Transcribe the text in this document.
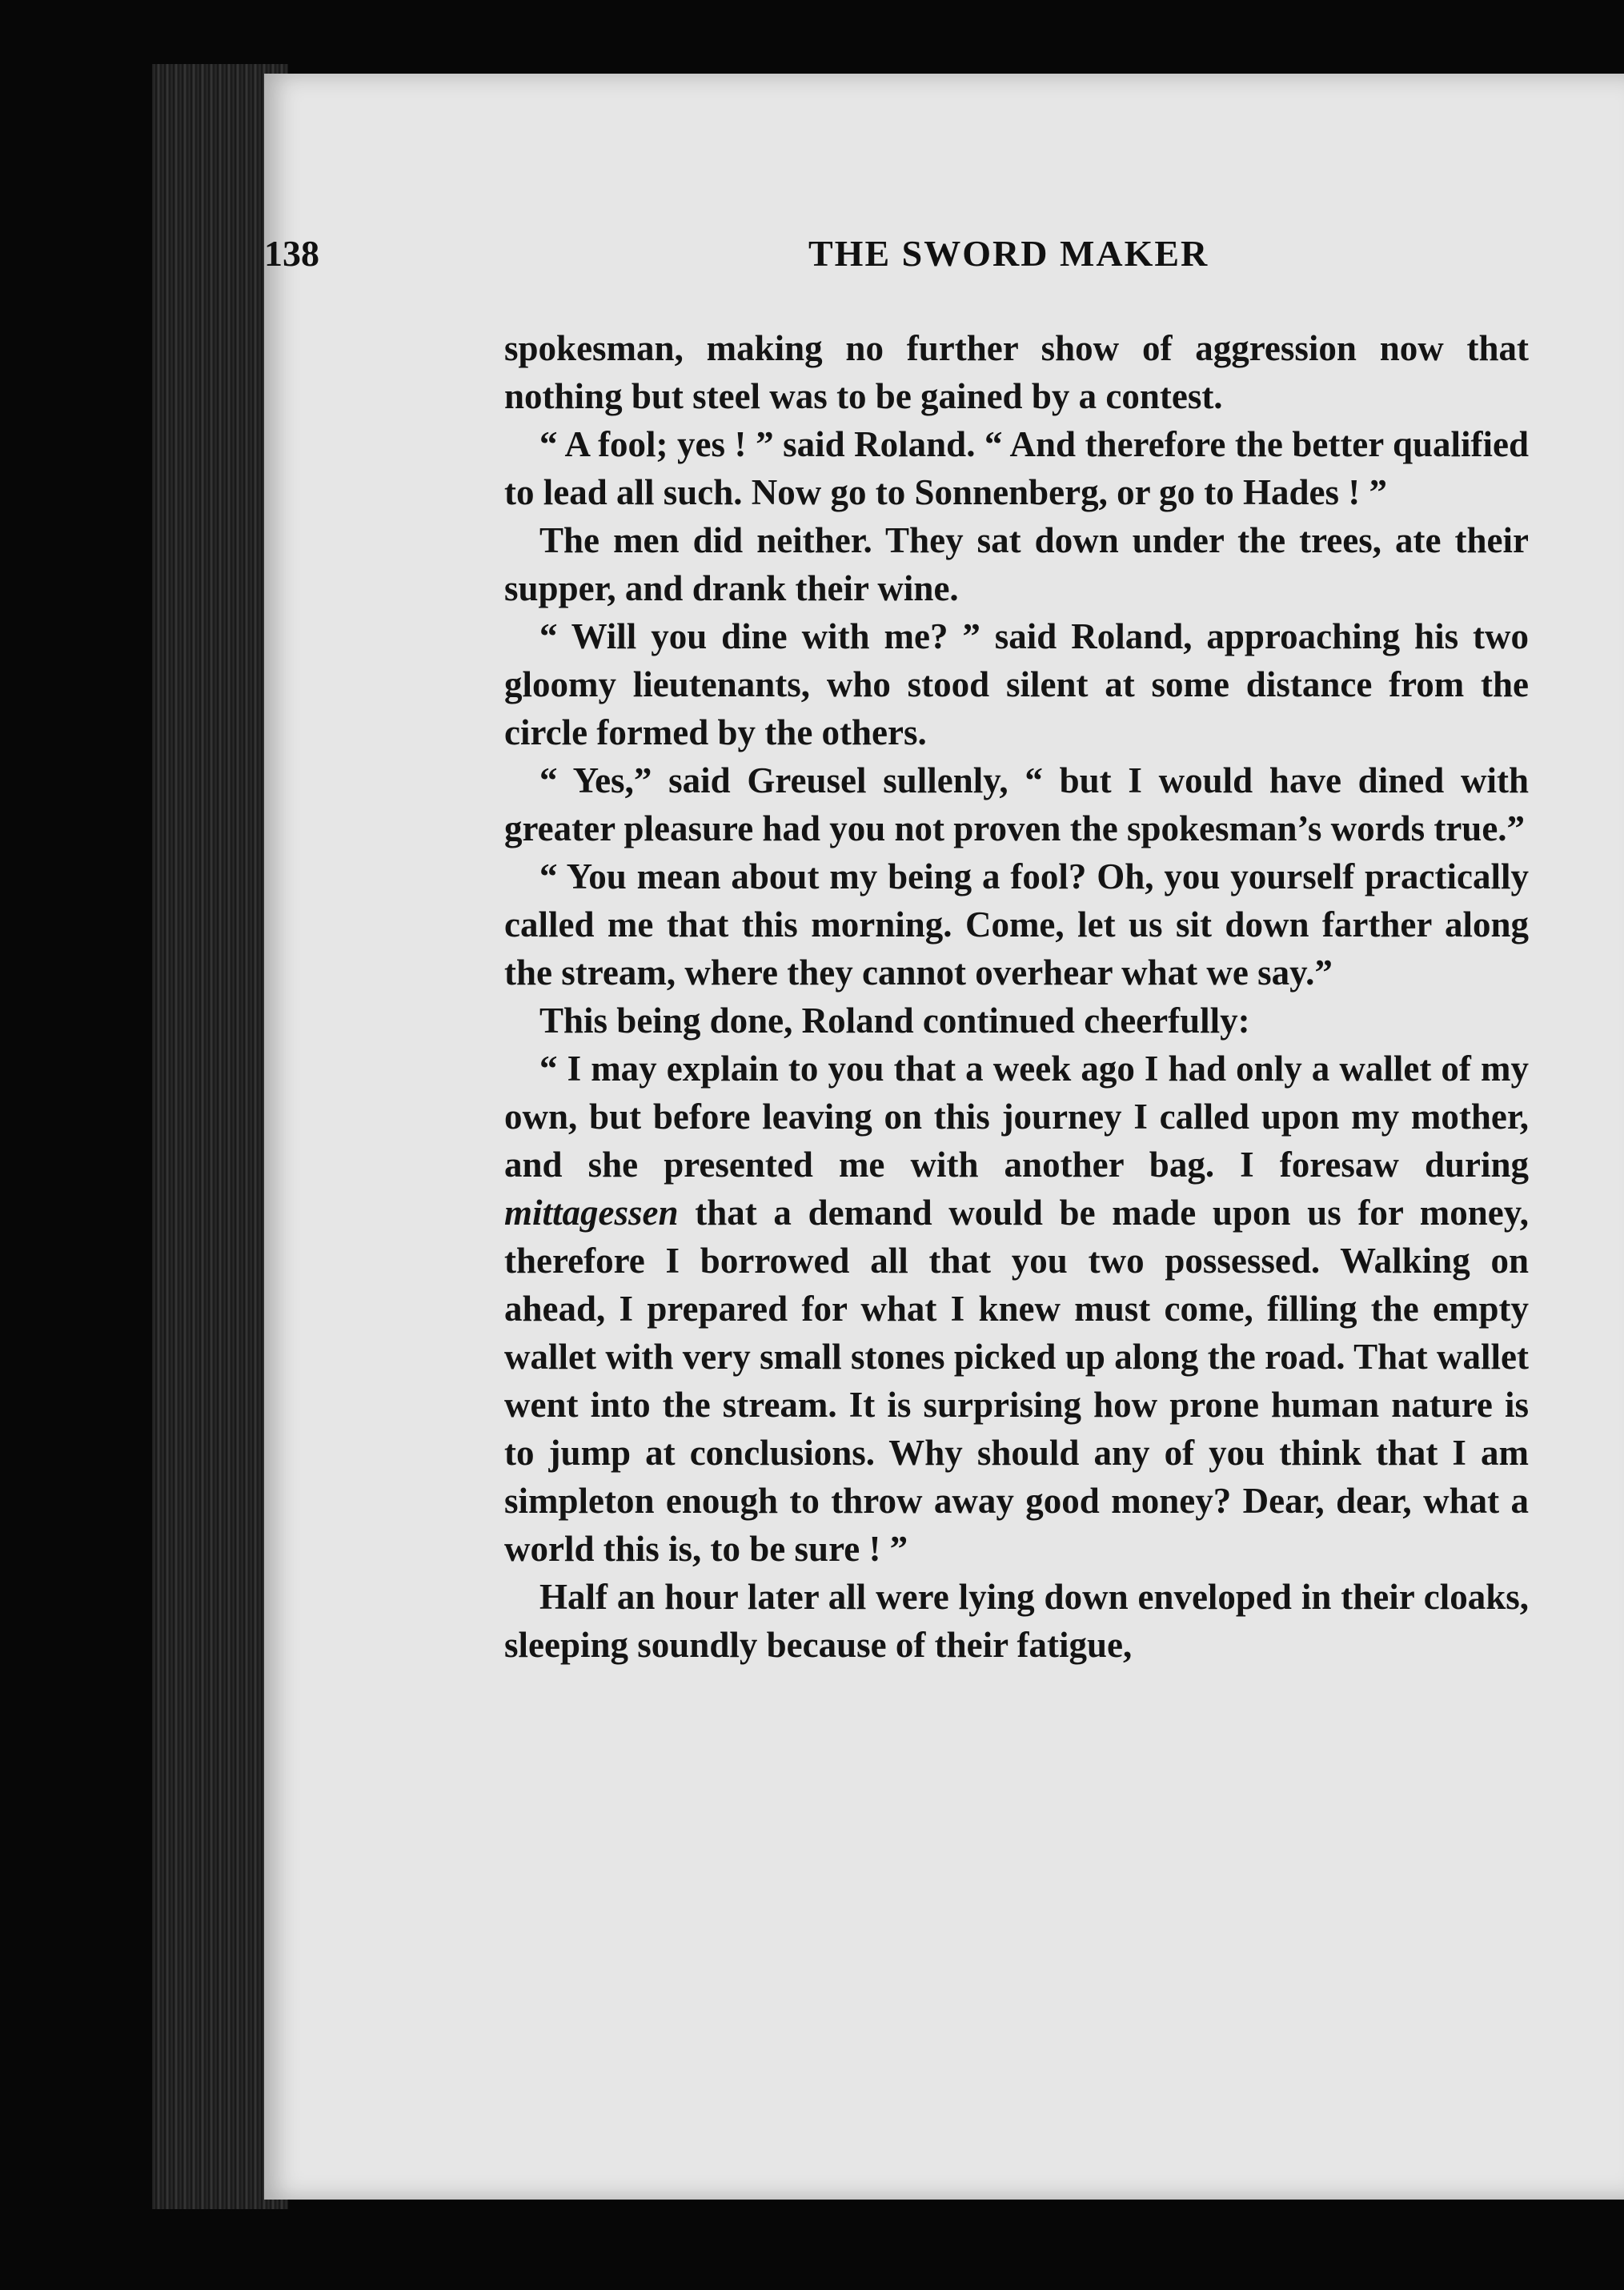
138	THE SWORD MAKER

spokesman, making no further show of aggression now that nothing but steel was to be gained by a contest.

“ A fool; yes ! ” said Roland. “ And therefore the better qualified to lead all such. Now go to Sonnenberg, or go to Hades ! ”

The men did neither. They sat down under the trees, ate their supper, and drank their wine.

“ Will you dine with me? ” said Roland, approaching his two gloomy lieutenants, who stood silent at some distance from the circle formed by the others.

“ Yes,” said Greusel sullenly, “ but I would have dined with greater pleasure had you not proven the spokesman’s words true.”

“ You mean about my being a fool? Oh, you yourself practically called me that this morning. Come, let us sit down farther along the stream, where they cannot overhear what we say.”

This being done, Roland continued cheerfully:

“ I may explain to you that a week ago I had only a wallet of my own, but before leaving on this journey I called upon my mother, and she presented me with another bag. I foresaw during mittagessen that a demand would be made upon us for money, therefore I borrowed all that you two possessed. Walking on ahead, I prepared for what I knew must come, filling the empty wallet with very small stones picked up along the road. That wallet went into the stream. It is surprising how prone human nature is to jump at conclusions. Why should any of you think that I am simpleton enough to throw away good money? Dear, dear, what a world this is, to be sure ! ”

Half an hour later all were lying down enveloped in their cloaks, sleeping soundly because of their fatigue,
